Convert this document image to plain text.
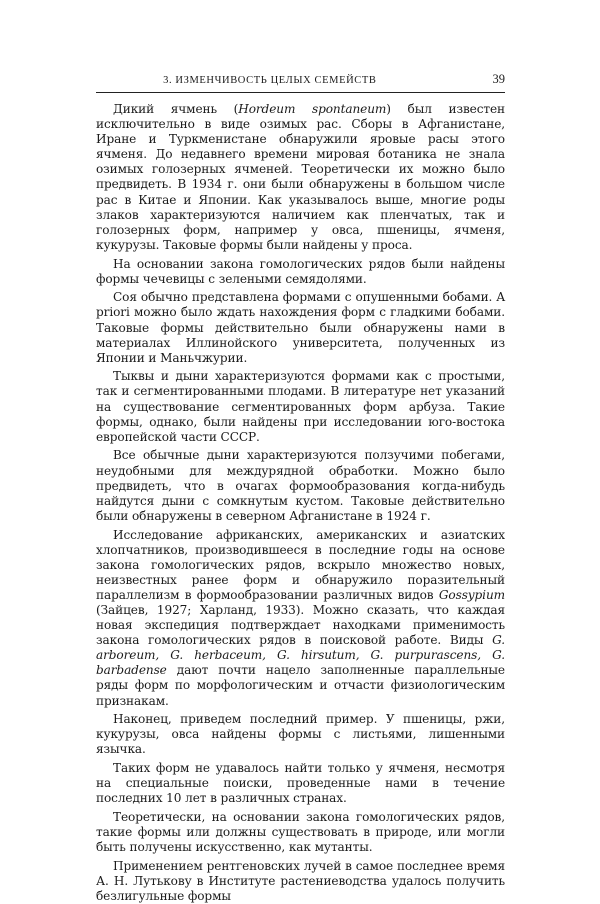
3. ИЗМЕНЧИВОСТЬ ЦЕЛЫХ СЕМЕЙСТВ	39

Дикий ячмень (Hordeum spontaneum) был известен исключительно в виде озимых рас. Сборы в Афганистане, Иране и Туркменистане обнаружили яровые расы этого ячменя. До недавнего времени мировая ботаника не знала озимых голозерных ячменей. Теоретически их можно было предвидеть. В 1934 г. они были обнаружены в большом числе рас в Китае и Японии. Как указывалось выше, многие роды злаков характеризуются наличием как пленчатых, так и голозерных форм, например у овса, пшеницы, ячменя, кукурузы. Таковые формы были найдены у проса.

На основании закона гомологических рядов были найдены формы чечевицы с зелеными семядолями.

Соя обычно представлена формами с опушенными бобами. A priori можно было ждать нахождения форм с гладкими бобами. Таковые формы действительно были обнаружены нами в материалах Иллинойского университета, полученных из Японии и Маньчжурии.

Тыквы и дыни характеризуются формами как с простыми, так и сегментированными плодами. В литературе нет указаний на существование сегментированных форм арбуза. Такие формы, однако, были найдены при исследовании юго-востока европейской части СССР.

Все обычные дыни характеризуются ползучими побегами, неудобными для междурядной обработки. Можно было предвидеть, что в очагах формообразования когда-нибудь найдутся дыни с сомкнутым кустом. Таковые действительно были обнаружены в северном Афганистане в 1924 г.

Исследование африканских, американских и азиатских хлопчатников, производившееся в последние годы на основе закона гомологических рядов, вскрыло множество новых, неизвестных ранее форм и обнаружило поразительный параллелизм в формообразовании различных видов Gossypium (Зайцев, 1927; Харланд, 1933). Можно сказать, что каждая новая экспедиция подтверждает находками применимость закона гомологических рядов в поисковой работе. Виды G. arboreum, G. herbaceum, G. hirsutum, G. purpurascens, G. barbadense дают почти нацело заполненные параллельные ряды форм по морфологическим и отчасти физиологическим признакам.

Наконец, приведем последний пример. У пшеницы, ржи, кукурузы, овса найдены формы с листьями, лишенными язычка.

Таких форм не удавалось найти только у ячменя, несмотря на специальные поиски, проведенные нами в течение последних 10 лет в различных странах.

Теоретически, на основании закона гомологических рядов, такие формы или должны существовать в природе, или могли быть получены искусственно, как мутанты.

Применением рентгеновских лучей в самое последнее время А. Н. Лутькову в Институте растениеводства удалось получить безлигульные формы
